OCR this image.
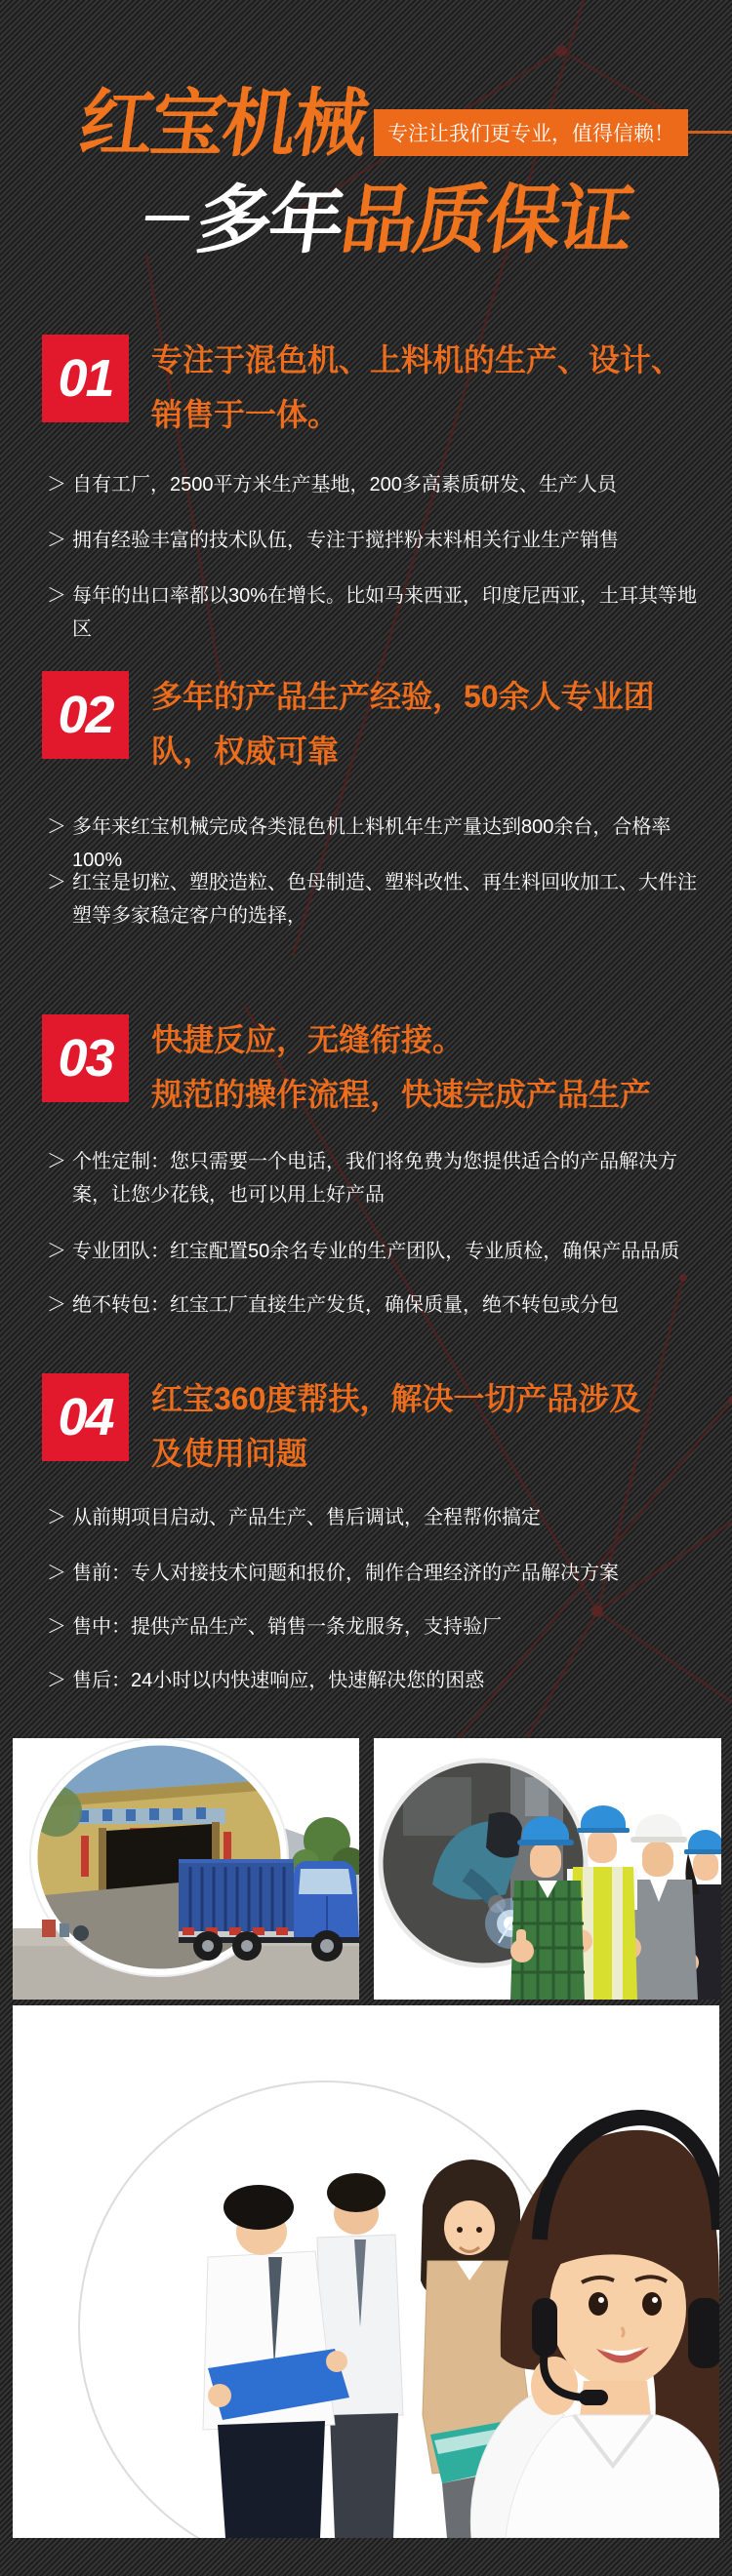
红宝机械 专注让我们更专业，值得信赖！
多年品质保证
01	专注于混色机、上料机的生产、设计、
销售于一体。

＞ 自有工厂，2500平方米生产基地，200多高素质研发、生产人员

＞ 拥有经验丰富的技术队伍，专注于搅拌粉末料相关行业生产销售

＞ 每年的出口率都以30%在增长。比如马来西亚，印度尼西亚，土耳其等地区

02	多年的产品生产经验，50余人专业团
队，权威可靠

＞ 多年来红宝机械完成各类混色机上料机年生产量达到800余台，合格率100%

＞ 红宝是切粒、塑胶造粒、色母制造、塑料改性、再生料回收加工、大件注塑等多家稳定客户的选择，

03	快捷反应，无缝衔接。
规范的操作流程，快速完成产品生产

＞ 个性定制：您只需要一个电话，我们将免费为您提供适合的产品解决方案，让您少花钱，也可以用上好产品

＞ 专业团队：红宝配置50余名专业的生产团队，专业质检，确保产品品质

＞ 绝不转包：红宝工厂直接生产发货，确保质量，绝不转包或分包

04	红宝360度帮扶，解决一切产品涉及
及使用问题

＞ 从前期项目启动、产品生产、售后调试，全程帮你搞定

＞ 售前：专人对接技术问题和报价，制作合理经济的产品解决方案

＞ 售中：提供产品生产、销售一条龙服务，支持验厂

＞ 售后：24小时以内快速响应，快速解决您的困惑
